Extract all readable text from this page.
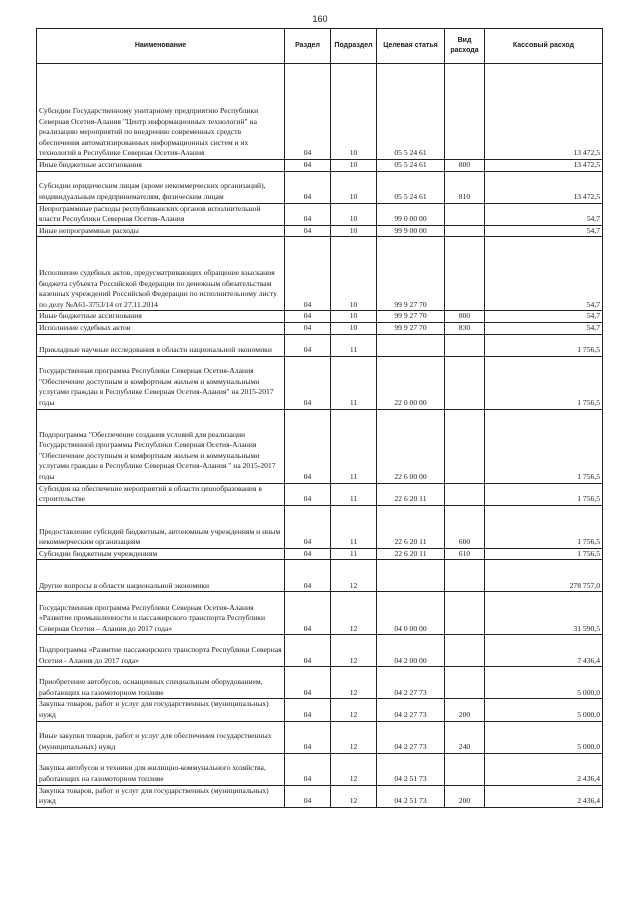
160
Наименование	Раздел	Подраздел	Целевая статья	Вид расхода	Кассовый расход
Субсидии Государственному унитарному предприятию Республики Северная Осетия-Алания "Центр информационных технологий" на реализацию мероприятий по внедрению современных средств обеспечения автоматизированных информационных систем и их технологий в Республике Северная Осетия-Алания	04	10	05 5 24 61		13 472,5
Иные бюджетные ассигнования	04	10	05 5 24 61	800	13 472,5
Субсидии юридическим лицам (кроме некоммерческих организаций), индивидуальным предпринимателям, физическим лицам	04	10	05 5 24 61	810	13 472,5
Непрограммные расходы республиканских органов исполнительной власти Республики Северная Осетия-Алания	04	10	99 0 00 00		54,7
Иные непрограммные расходы	04	10	99 9 00 00		54,7
Исполнение судебных актов, предусматривающих обращение взыскания бюджета субъекта Российской Федерации по денежным обязательствам казенных учреждений Российской Федерации по исполнительному листу по делу №А61-3753/14 от 27.11.2014	04	10	99 9 27 70		54,7
Иные бюджетные ассигнования	04	10	99 9 27 70	800	54,7
Исполнение судебных актов	04	10	99 9 27 70	830	54,7
Прикладные научные исследования в области национальной экономики	04	11			1 756,5
Государственная программа Республики Северная Осетия-Алания "Обеспечение доступным и комфортным жильем и коммунальными услугами граждан в Республике Северная Осетия-Алания" на 2015-2017 годы	04	11	22 0 00 00		1 756,5
Подпрограмма "Обеспечение создания условий для реализации Государственной программы Республики Северная Осетия-Алания "Обеспечение доступным и комфортным жильем и коммунальными услугами граждан в Республике Северная Осетия-Алания " на 2015-2017 годы	04	11	22 6 00 00		1 756,5
Субсидия на обеспечение мероприятий в области ценообразования в строительстве	04	11	22 6 20 11		1 756,5
Предоставление субсидий бюджетным, автономным учреждениям и иным некоммерческим организациям	04	11	22 6 20 11	600	1 756,5
Субсидии бюджетным учреждениям	04	11	22 6 20 11	610	1 756,5
Другие вопросы в области национальной экономики	04	12			278 757,0
Государственная программа Республики Северная Осетия-Алания «Развитие промышленности и пассажирского транспорта Республики Северная Осетия – Алания до 2017 года»	04	12	04 0 00 00		31 590,5
Подпрограмма «Развитие пассажирского транспорта Республики Северная Осетия - Алания до 2017 года»	04	12	04 2 00 00		7 436,4
Приобретение автобусов, оснащенных специальным оборудованием, работающих на газомоторном топливе	04	12	04 2 27 73		5 000,0
Закупка товаров, работ и услуг для государственных (муниципальных) нужд	04	12	04 2 27 73	200	5 000,0
Иные закупки товаров, работ и услуг для обеспечения государственных (муниципальных) нужд	04	12	04 2 27 73	240	5 000,0
Закупка автобусов и техники для жилищно-коммунального хозяйства, работающих на газомоторном топливе	04	12	04 2 51 73		2 436,4
Закупка товаров, работ и услуг для государственных (муниципальных) нужд	04	12	04 2 51 73	200	2 436,4
